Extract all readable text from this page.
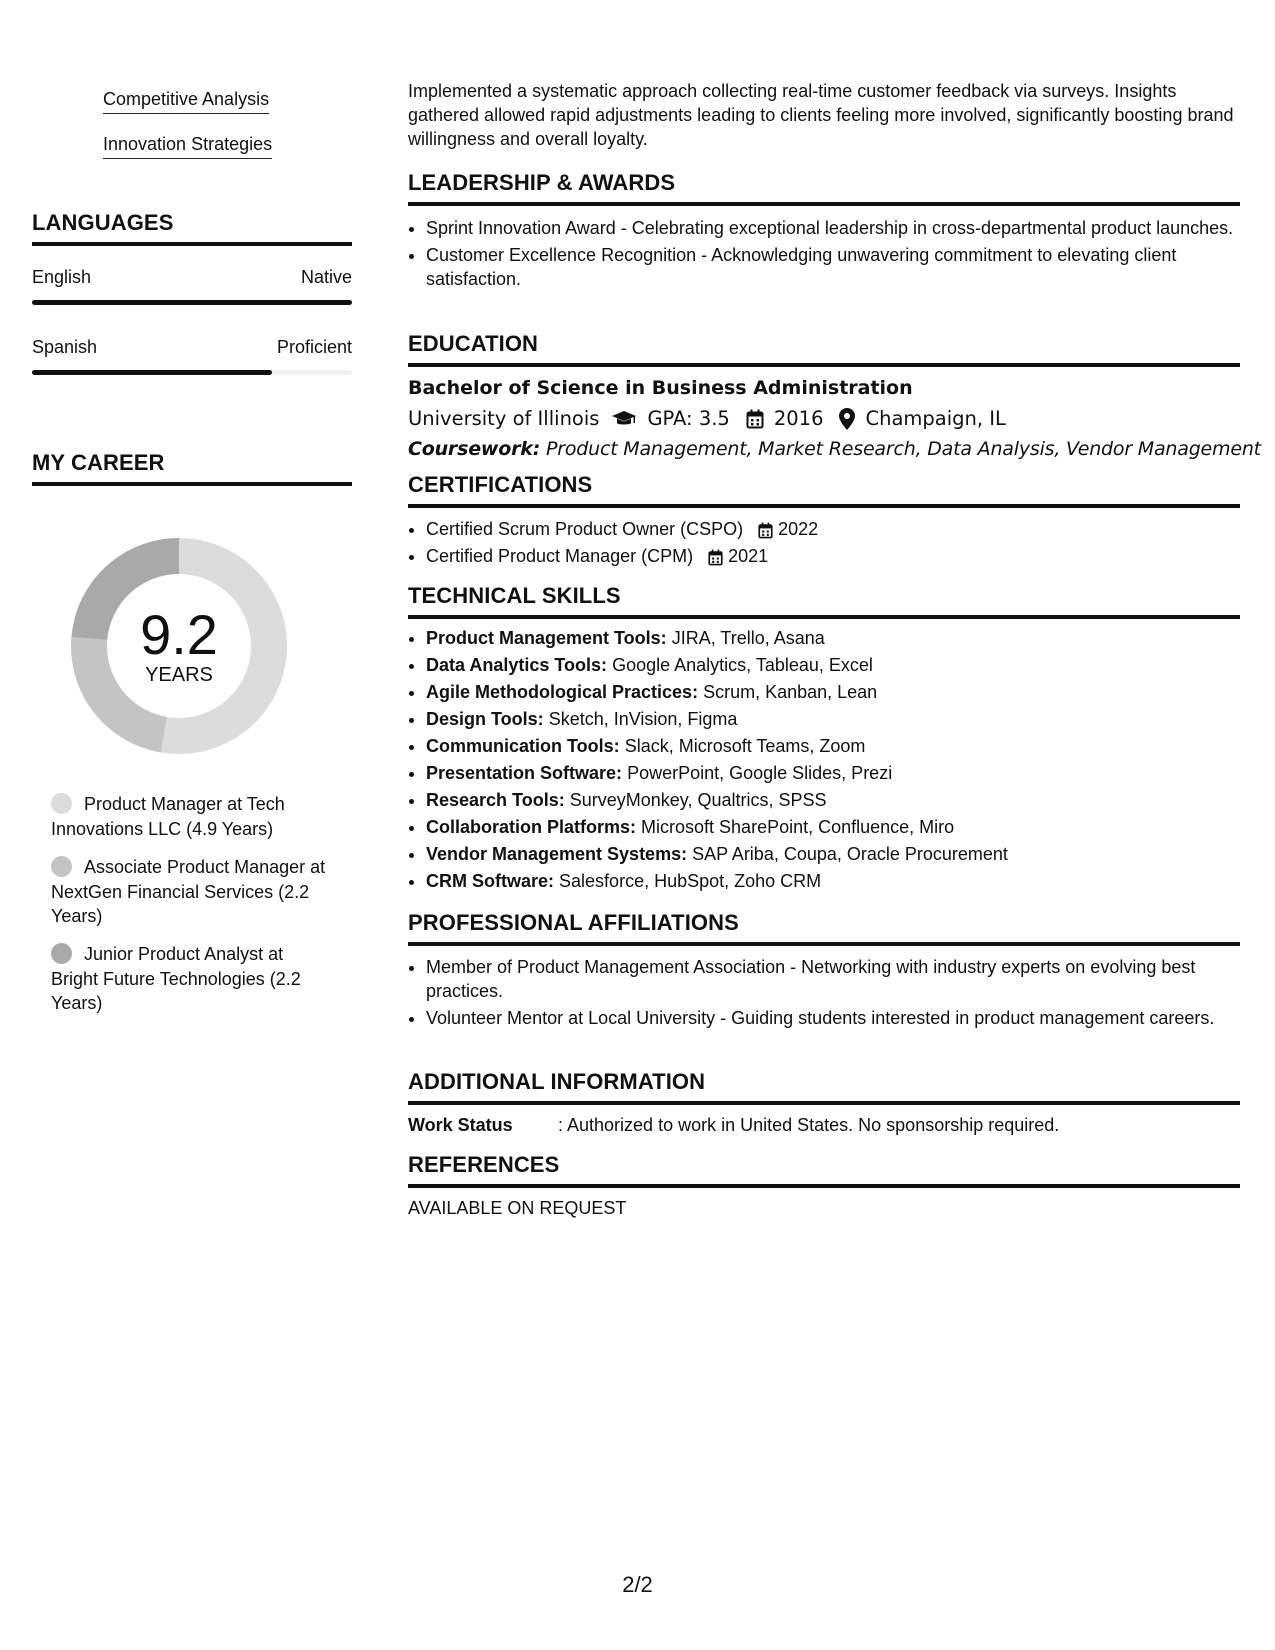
Competitive Analysis
Innovation Strategies
LANGUAGES
English	Native
Spanish	Proficient
MY CAREER
9.2
YEARS
Product Manager at Tech Innovations LLC (4.9 Years)
Associate Product Manager at NextGen Financial Services (2.2 Years)
Junior Product Analyst at Bright Future Technologies (2.2 Years)
Implemented a systematic approach collecting real-time customer feedback via surveys. Insights gathered allowed rapid adjustments leading to clients feeling more involved, significantly boosting brand willingness and overall loyalty.
LEADERSHIP & AWARDS
• Sprint Innovation Award - Celebrating exceptional leadership in cross-departmental product launches.
• Customer Excellence Recognition - Acknowledging unwavering commitment to elevating client satisfaction.
EDUCATION
Bachelor of Science in Business Administration
University of Illinois GPA: 3.5 2016 Champaign, IL
Coursework: Product Management, Market Research, Data Analysis, Vendor Management
CERTIFICATIONS
• Certified Scrum Product Owner (CSPO) 2022
• Certified Product Manager (CPM) 2021
TECHNICAL SKILLS
• Product Management Tools: JIRA, Trello, Asana
• Data Analytics Tools: Google Analytics, Tableau, Excel
• Agile Methodological Practices: Scrum, Kanban, Lean
• Design Tools: Sketch, InVision, Figma
• Communication Tools: Slack, Microsoft Teams, Zoom
• Presentation Software: PowerPoint, Google Slides, Prezi
• Research Tools: SurveyMonkey, Qualtrics, SPSS
• Collaboration Platforms: Microsoft SharePoint, Confluence, Miro
• Vendor Management Systems: SAP Ariba, Coupa, Oracle Procurement
• CRM Software: Salesforce, HubSpot, Zoho CRM
PROFESSIONAL AFFILIATIONS
• Member of Product Management Association - Networking with industry experts on evolving best practices.
• Volunteer Mentor at Local University - Guiding students interested in product management careers.
ADDITIONAL INFORMATION
Work Status	: Authorized to work in United States. No sponsorship required.
REFERENCES
AVAILABLE ON REQUEST
2/2
